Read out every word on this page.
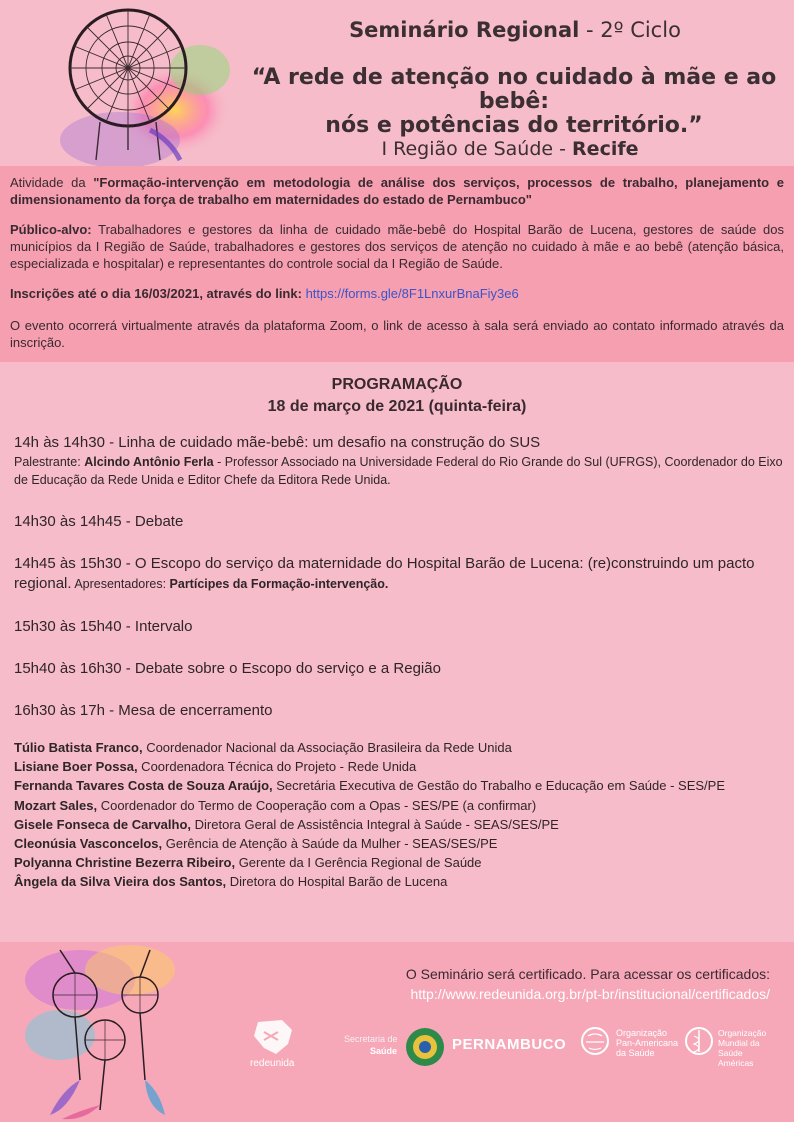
Seminário Regional - 2º Ciclo
“A rede de atenção no cuidado à mãe e ao bebê:
nós e potências do território.”
I Região de Saúde - Recife
Atividade da "Formação-intervenção em metodologia de análise dos serviços, processos de trabalho, planejamento e dimensionamento da força de trabalho em maternidades do estado de Pernambuco"
Público-alvo: Trabalhadores e gestores da linha de cuidado mãe-bebê do Hospital Barão de Lucena, gestores de saúde dos municípios da I Região de Saúde, trabalhadores e gestores dos serviços de atenção no cuidado à mãe e ao bebê (atenção básica, especializada e hospitalar) e representantes do controle social da I Região de Saúde.
Inscrições até o dia 16/03/2021, através do link: https://forms.gle/8F1LnxurBnaFiy3e6
O evento ocorrerá virtualmente através da plataforma Zoom, o link de acesso à sala será enviado ao contato informado através da inscrição.
PROGRAMAÇÃO
18 de março de 2021 (quinta-feira)
14h às 14h30 - Linha de cuidado mãe-bebê: um desafio na construção do SUS
Palestrante: Alcindo Antônio Ferla - Professor Associado na Universidade Federal do Rio Grande do Sul (UFRGS), Coordenador do Eixo de Educação da Rede Unida e Editor Chefe da Editora Rede Unida.
14h30 às 14h45 - Debate
14h45 às 15h30 - O Escopo do serviço da maternidade do Hospital Barão de Lucena: (re)construindo um pacto regional. Apresentadores: Partícipes da Formação-intervenção.
15h30 às 15h40 - Intervalo
15h40 às 16h30 - Debate sobre o Escopo do serviço e a Região
16h30 às 17h - Mesa de encerramento
Túlio Batista Franco, Coordenador Nacional da Associação Brasileira da Rede Unida
Lisiane Boer Possa, Coordenadora Técnica do Projeto - Rede Unida
Fernanda Tavares Costa de Souza Araújo, Secretária Executiva de Gestão do Trabalho e Educação em Saúde - SES/PE
Mozart Sales, Coordenador do Termo de Cooperação com a Opas - SES/PE (a confirmar)
Gisele Fonseca de Carvalho, Diretora Geral de Assistência Integral à Saúde - SEAS/SES/PE
Cleonúsia Vasconcelos, Gerência de Atenção à Saúde da Mulher - SEAS/SES/PE
Polyanna Christine Bezerra Ribeiro, Gerente da I Gerência Regional de Saúde
Ângela da Silva Vieira dos Santos, Diretora do Hospital Barão de Lucena
O Seminário será certificado. Para acessar os certificados:
http://www.redeunida.org.br/pt-br/institucional/certificados/
redeunida
Secretaria de
Saúde	PERNAMBUCO
Organização
Pan-Americana
da Saúde
Organização
Mundial da Saúde
Américas
